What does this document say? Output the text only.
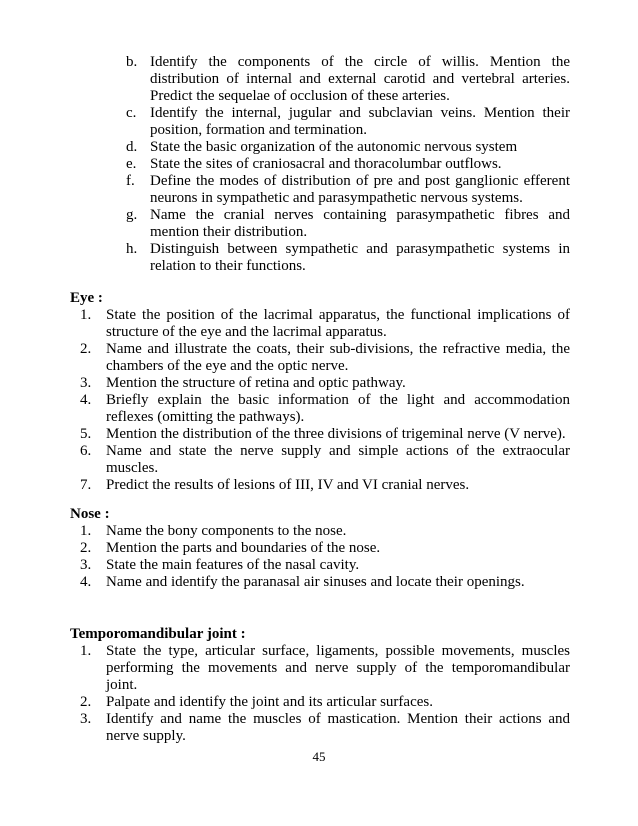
b. Identify the components of the circle of willis. Mention the distribution of internal and external carotid and vertebral arteries. Predict the sequelae of occlusion of these arteries.
c. Identify the internal, jugular and subclavian veins. Mention their position, formation and termination.
d. State the basic organization of the autonomic nervous system
e. State the sites of craniosacral and thoracolumbar outflows.
f. Define the modes of distribution of pre and post ganglionic efferent neurons in sympathetic and parasympathetic nervous systems.
g. Name the cranial nerves containing parasympathetic fibres and mention their distribution.
h. Distinguish between sympathetic and parasympathetic systems in relation to their functions.
Eye :
1. State the position of the lacrimal apparatus, the functional implications of structure of the eye and the lacrimal apparatus.
2. Name and illustrate the coats, their sub-divisions, the refractive media, the chambers of the eye and the optic nerve.
3. Mention the structure of retina and optic pathway.
4. Briefly explain the basic information of the light and accommodation reflexes (omitting the pathways).
5. Mention the distribution of the three divisions of trigeminal nerve (V nerve).
6. Name and state the nerve supply and simple actions of the extraocular muscles.
7. Predict the results of lesions of III, IV and VI cranial nerves.
Nose :
1. Name the bony components to the nose.
2. Mention the parts and boundaries of the nose.
3. State the main features of the nasal cavity.
4. Name and identify the paranasal air sinuses and locate their openings.
Temporomandibular joint :
1. State the type, articular surface, ligaments, possible movements, muscles performing the movements and nerve supply of the temporomandibular joint.
2. Palpate and identify the joint and its articular surfaces.
3. Identify and name the muscles of mastication. Mention their actions and nerve supply.
45
